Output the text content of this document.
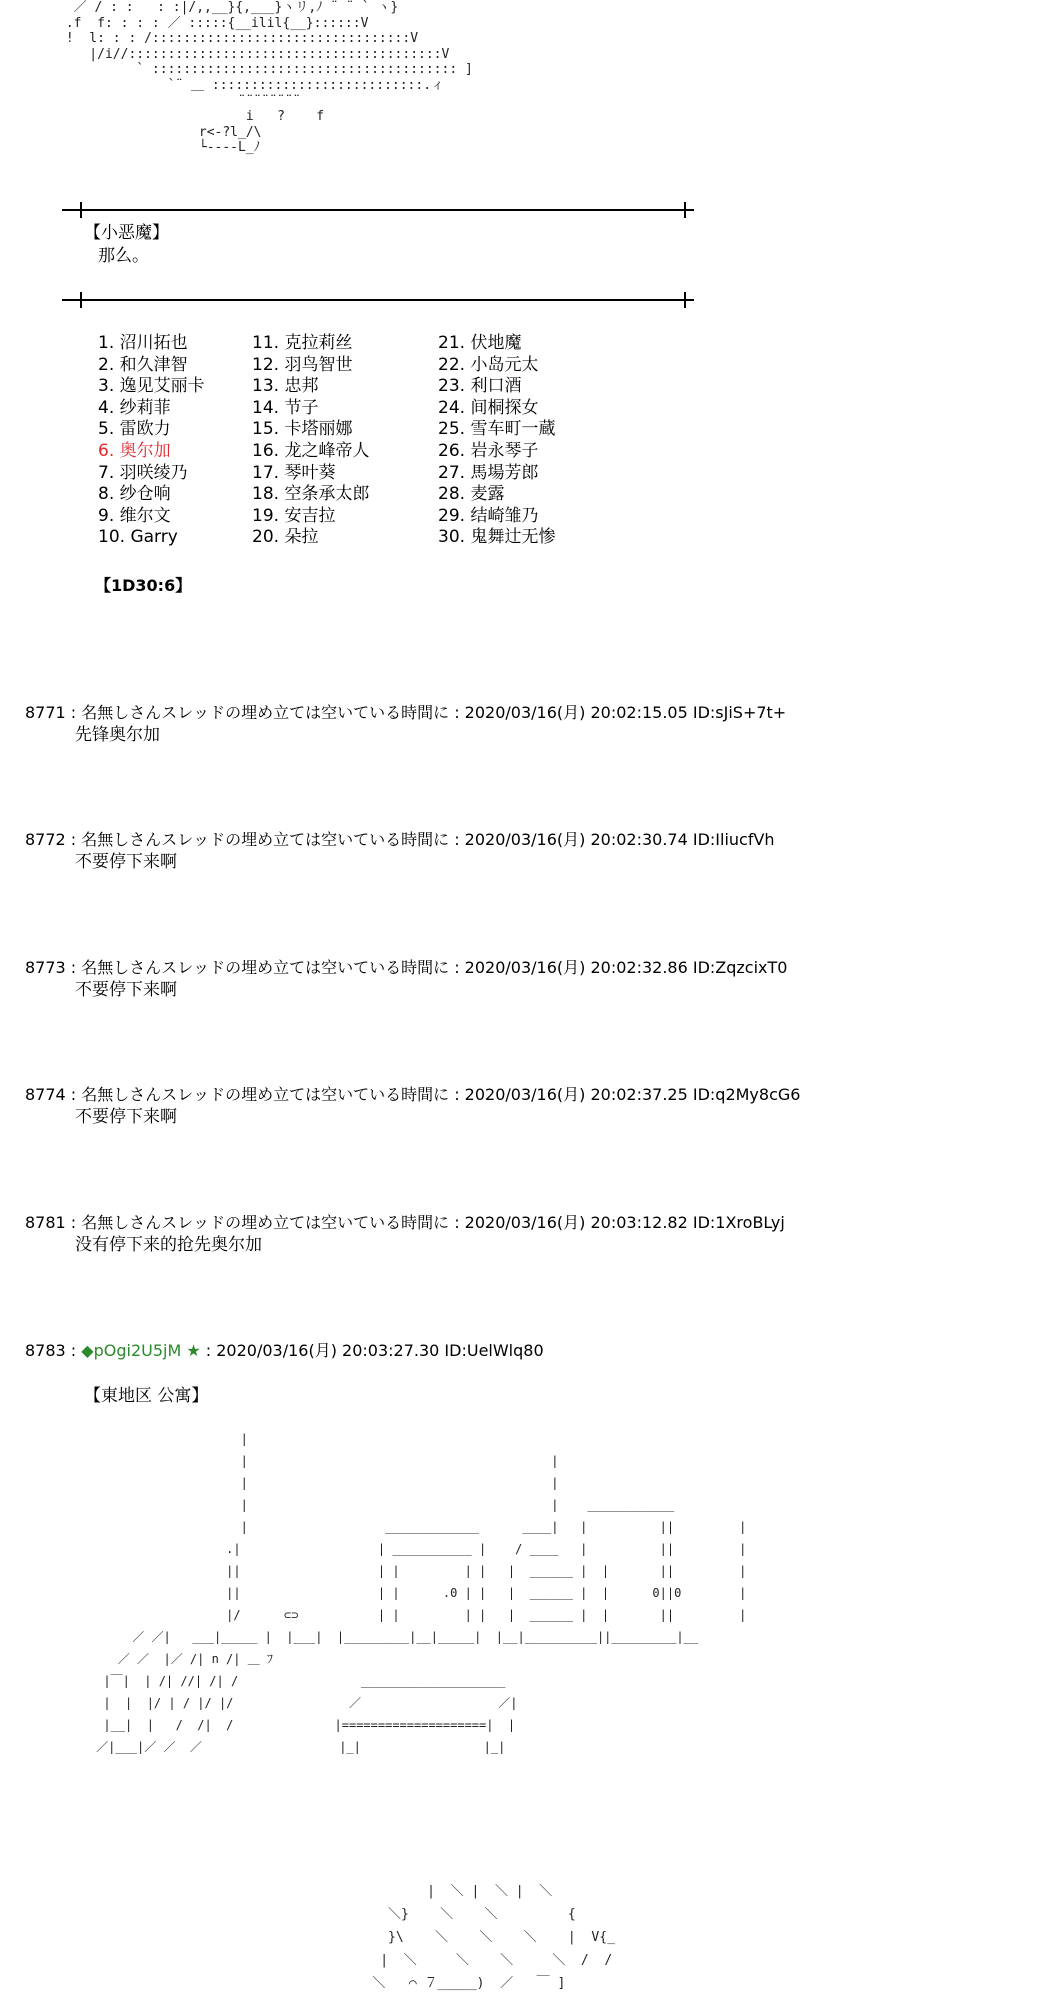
／ / : :   : :|/,,__}{,___}ヽリ,ﾉ ¨ ¨ ` ヽ}
.f  f: : : : ／ :::::{__ilil{__}::::::V
!  l: : : /:::::::::::::::::::::::::::::::::V
|/i//::::::::::::::::::::::::::::::::::::::::V
` ::::::::::::::::::::::::::::::::::::::: ]
`¨ ＿ :::::::::::::::::::::::::::.ィ
¨¨¨¨¨¨¨¨
i   ?    f
r<-?l_/\
└----L_ﾉ
【小恶魔】
那么。
1. 沼川拓也
2. 和久津智
3. 逸见艾丽卡
4. 纱莉菲
5. 雷欧力
6. 奥尔加
7. 羽咲绫乃
8. 纱仓响
9. 维尔文
10. Garry
11. 克拉莉丝
12. 羽鸟智世
13. 忠邦
14. 节子
15. 卡塔丽娜
16. 龙之峰帝人
17. 琴叶葵
18. 空条承太郎
19. 安吉拉
20. 朵拉
21. 伏地魔
22. 小岛元太
23. 利口酒
24. 间桐探女
25. 雪车町一蔵
26. 岩永琴子
27. 馬場芳郎
28. 麦露
29. 结崎雏乃
30. 鬼舞辻无惨
【1D30:6】
8771 : 名無しさんスレッドの埋め立ては空いている時間に : 2020/03/16(月) 20:02:15.05 ID:sJiS+7t+
先锋奥尔加
8772 : 名無しさんスレッドの埋め立ては空いている時間に : 2020/03/16(月) 20:02:30.74 ID:IliucfVh
不要停下来啊
8773 : 名無しさんスレッドの埋め立ては空いている時間に : 2020/03/16(月) 20:02:32.86 ID:ZqzcixT0
不要停下来啊
8774 : 名無しさんスレッドの埋め立ては空いている時間に : 2020/03/16(月) 20:02:37.25 ID:q2My8cG6
不要停下来啊
8781 : 名無しさんスレッドの埋め立ては空いている時間に : 2020/03/16(月) 20:03:12.82 ID:1XroBLyj
没有停下来的抢先奥尔加
8783 : ◆pOgi2U5jM ★ : 2020/03/16(月) 20:03:27.30 ID:UelWlq80
【東地区 公寓】
|
|                                          |
|                                          |
|                                          |    ____________
|                   _____________      ____|   |          ||         |
.|                   | ___________ |    / ____   |          ||         |
||                   | |         | |   |  ______ |  |       ||         |
||                   | |      .0 | |   |  ______ |  |      0||0        |
|/      ⊂⊃           | |         | |   |  ______ |  |       ||         |
／ ／|   ___|_____ |  |___|  |_________|__|_____|  |__|__________||_________|__
／ ／  |／ /| n /| ＿ ﾌ
|￣|  | /| //| /| /                 ____________________
|  |  |/ | / |/ |/                ／                   ／|
|__|  |   /  /|  /              |====================|  |
／|___|／ ／  ／                   |_|                 |_|
|  ＼ |  ＼ |  ＼
＼}    ＼    ＼         {
}\    ＼    ＼    ＼    |  V{_
|  ＼     ＼    ＼     ＼  /  /
＼   ⌒ ７_____)  ／   ￣ ]
